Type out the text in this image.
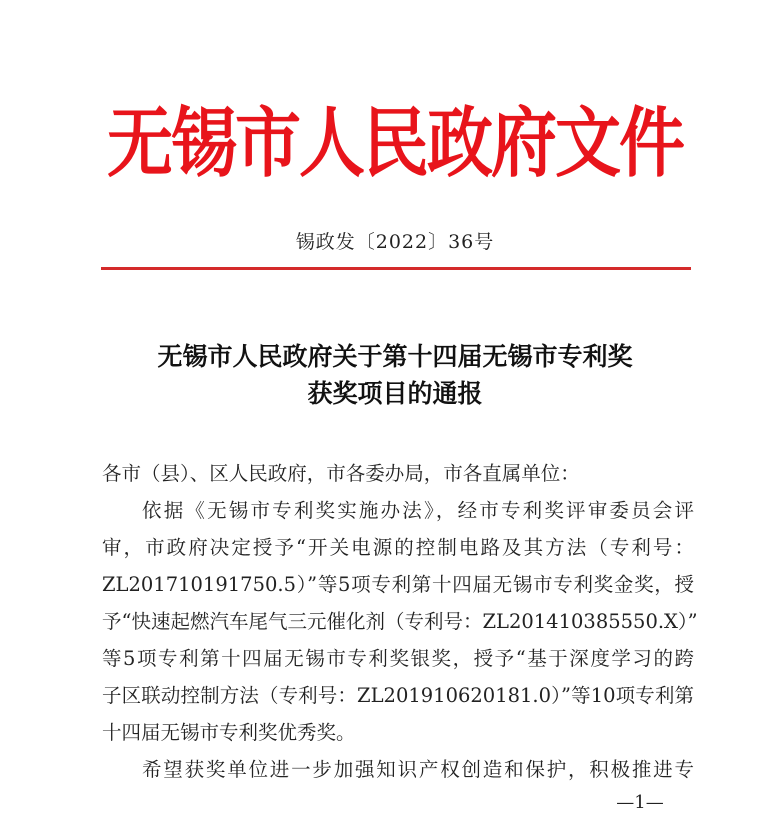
无锡市人民政府文件
锡政发〔2022〕36号
无锡市人民政府关于第十四届无锡市专利奖
获奖项目的通报
各市（县）、区人民政府，市各委办局，市各直属单位：
依据《无锡市专利奖实施办法》，经市专利奖评审委员会评
审，市政府决定授予“开关电源的控制电路及其方法（专利号：
ZL201710191750.5）”等5项专利第十四届无锡市专利奖金奖，授
予“快速起燃汽车尾气三元催化剂（专利号：ZL201410385550.X）”
等5项专利第十四届无锡市专利奖银奖，授予“基于深度学习的跨
子区联动控制方法（专利号：ZL201910620181.0）”等10项专利第
十四届无锡市专利奖优秀奖。
希望获奖单位进一步加强知识产权创造和保护，积极推进专
—1—
